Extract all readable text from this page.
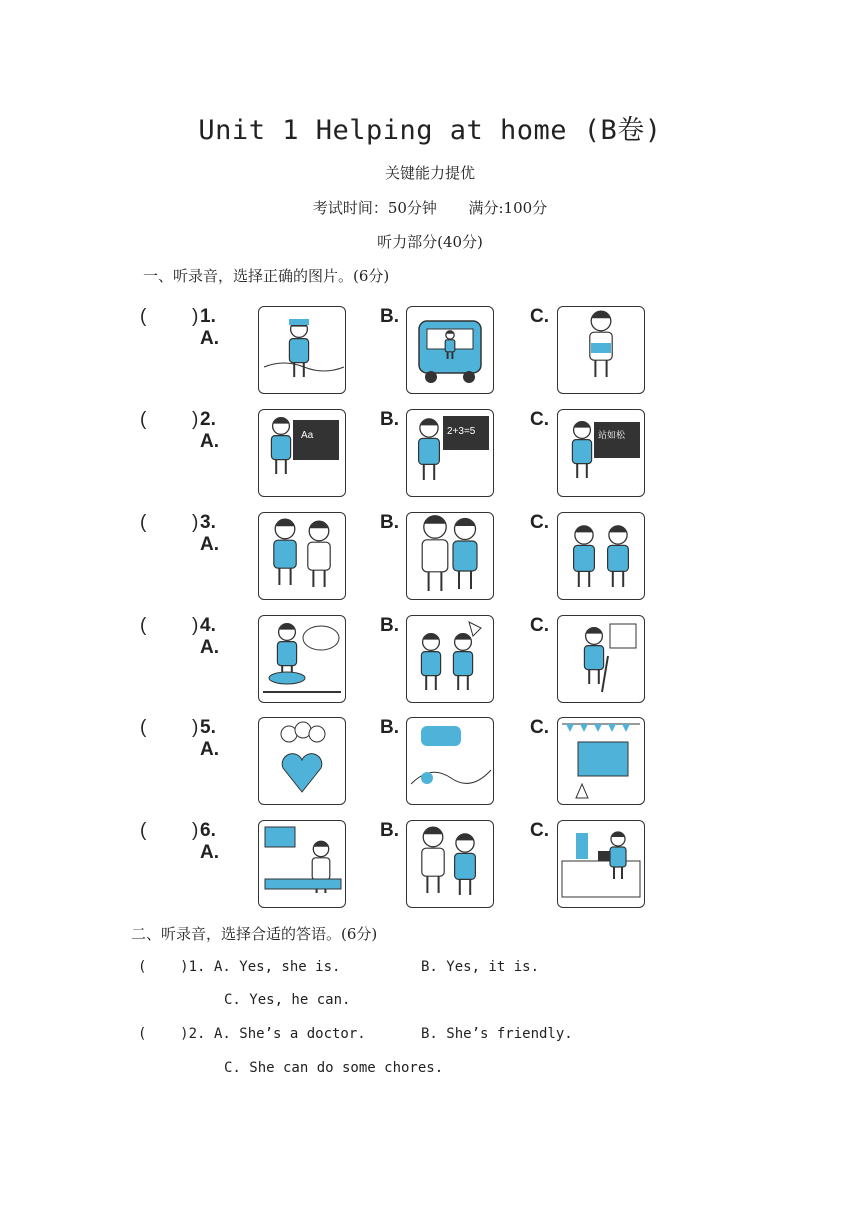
Unit 1 Helping at home (B卷)
关键能力提优
考试时间：50分钟 满分:100分
听力部分(40分)
一、听录音，选择正确的图片。(6分)
( ) 1. A.
B.	C.
( ) 2. A.
B.	C.
Aa	2+3=5	站如松
( ) 3. A.
B.	C.
( ) 4. A.
B.	C.
( ) 5. A.
B.	C.
( ) 6. A.
B.	C.
二、听录音，选择合适的答语。(6分)
(    )1. A. Yes, she is.	B. Yes, it is.
C. Yes, he can.
(    )2. A. She’s a doctor.	B. She’s friendly.
C. She can do some chores.
